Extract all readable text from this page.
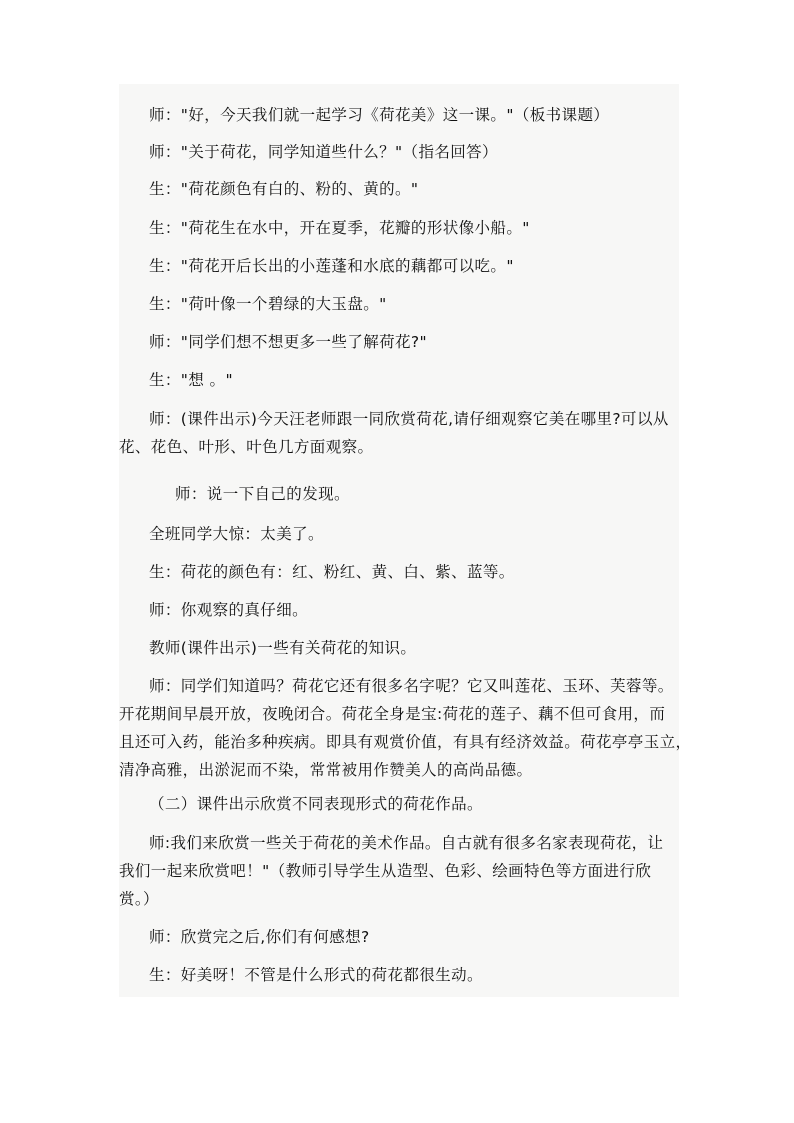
师："好，今天我们就一起学习《荷花美》这一课。"（板书课题）
师："关于荷花，同学知道些什么？"（指名回答）
生："荷花颜色有白的、粉的、黄的。"
生："荷花生在水中，开在夏季，花瓣的形状像小船。"
生："荷花开后长出的小莲蓬和水底的藕都可以吃。"
生："荷叶像一个碧绿的大玉盘。"
师："同学们想不想更多一些了解荷花?"
生："想 。"
师：(课件出示)今天汪老师跟一同欣赏荷花,请仔细观察它美在哪里?可以从
花、花色、叶形、叶色几方面观察。
师：说一下自己的发现。
全班同学大惊：太美了。
生：荷花的颜色有：红、粉红、黄、白、紫、蓝等。
师：你观察的真仔细。
教师(课件出示)一些有关荷花的知识。
师：同学们知道吗？荷花它还有很多名字呢？它又叫莲花、玉环、芙蓉等。
开花期间早晨开放，夜晚闭合。荷花全身是宝:荷花的莲子、藕不但可食用，而
且还可入药，能治多种疾病。即具有观赏价值，有具有经济效益。荷花亭亭玉立，
清净高雅，出淤泥而不染，常常被用作赞美人的高尚品德。
（二）课件出示欣赏不同表现形式的荷花作品。
师:我们来欣赏一些关于荷花的美术作品。自古就有很多名家表现荷花，让
我们一起来欣赏吧！"（教师引导学生从造型、色彩、绘画特色等方面进行欣
赏。）
师：欣赏完之后,你们有何感想?
生：好美呀！不管是什么形式的荷花都很生动。
